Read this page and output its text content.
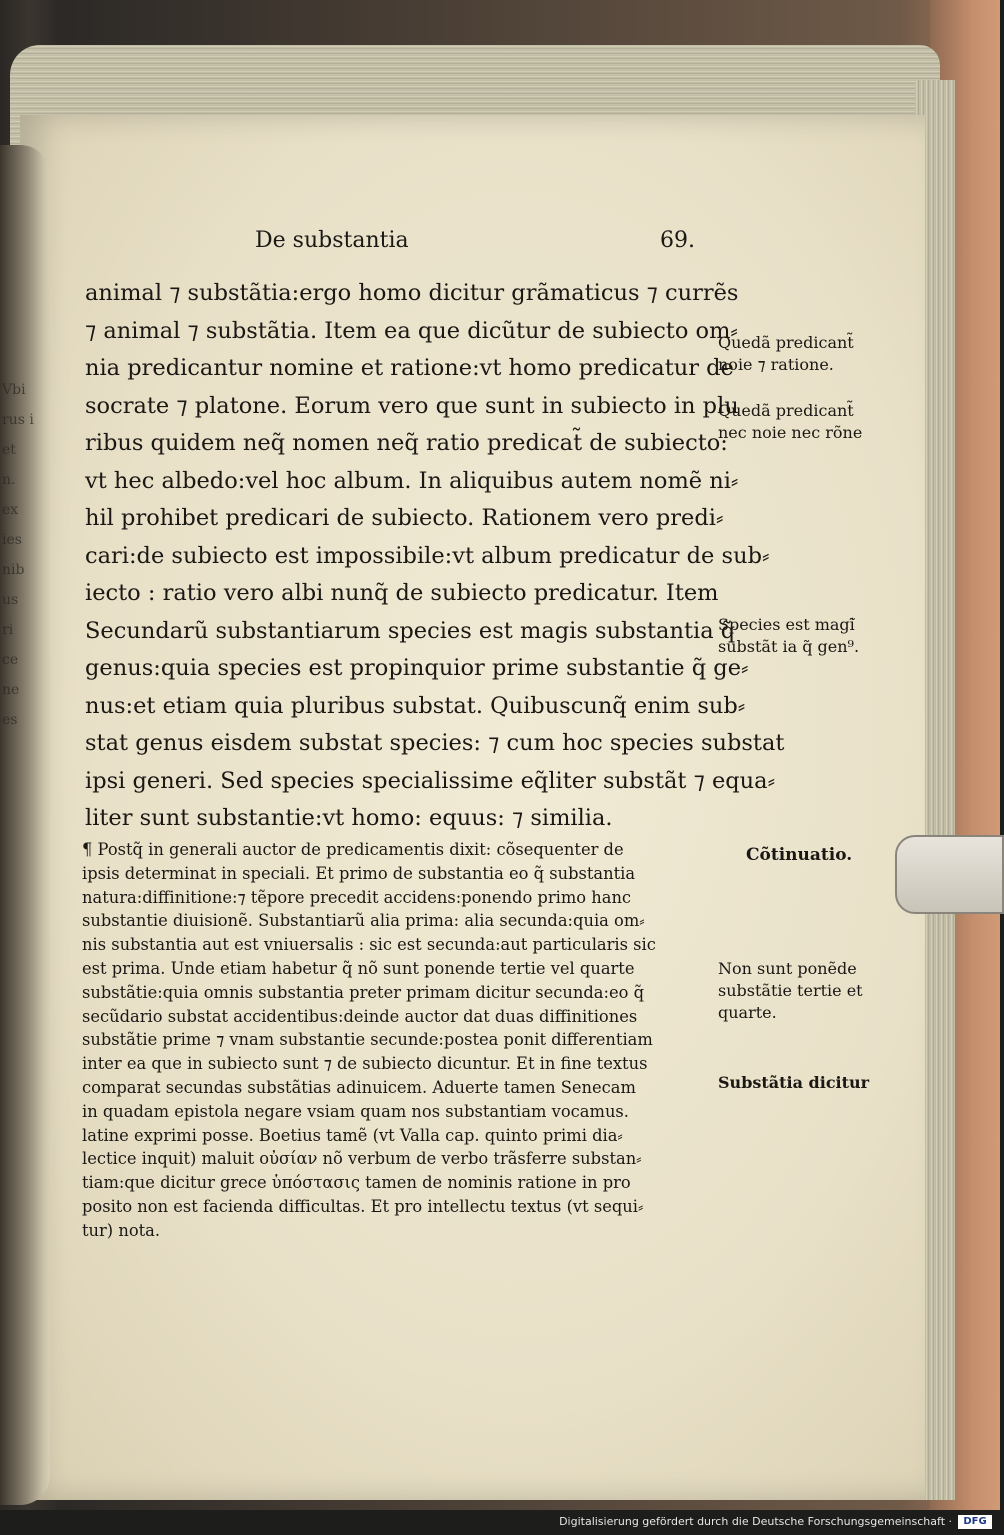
Vbi
rus i
et
n.
ex
ies
nib
us
ri
ce
ne
es
De substantia	69.
animal ⁊ substãtia:ergo homo dicitur grãmaticus ⁊ currẽs
⁊ animal ⁊ substãtia. Item ea que dicũtur de subiecto om⸗
nia predicantur nomine et ratione:vt homo predicatur de
socrate ⁊ platone. Eorum vero que sunt in subiecto in plu
ribus quidem neq̃ nomen neq̃ ratio predicat̃ de subiecto:
vt hec albedo:vel hoc album. In aliquibus autem nomẽ ni⸗
hil prohibet predicari de subiecto. Rationem vero predi⸗
cari:de subiecto est impossibile:vt album predicatur de sub⸗
iecto : ratio vero albi nunq̃ de subiecto predicatur. Item
Secundarũ substantiarum species est magis substantia q̃
genus:quia species est propinquior prime substantie q̃ ge⸗
nus:et etiam quia pluribus substat. Quibuscunq̃ enim sub⸗
stat genus eisdem substat species: ⁊ cum hoc species substat
ipsi generi. Sed species specialissime eq̃liter substãt ⁊ equa⸗
liter sunt substantie:vt homo: equus: ⁊ similia.
¶ Postq̃ in generali auctor de predicamentis dixit: cõsequenter de
ipsis determinat in speciali. Et primo de substantia eo q̃ substantia
natura:diffinitione:⁊ tẽpore precedit accidens:ponendo primo hanc
substantie diuisionẽ. Substantiarũ alia prima: alia secunda:quia om⸗
nis substantia aut est vniuersalis : sic est secunda:aut particularis sic
est prima. Unde etiam habetur q̃ nõ sunt ponende tertie vel quarte
substãtie:quia omnis substantia preter primam dicitur secunda:eo q̃
secũdario substat accidentibus:deinde auctor dat duas diffinitiones
substãtie prime ⁊ vnam substantie secunde:postea ponit differentiam
inter ea que in subiecto sunt ⁊ de subiecto dicuntur. Et in fine textus
comparat secundas substãtias adinuicem. Aduerte tamen Senecam
in quadam epistola negare vsiam quam nos substantiam vocamus.
latine exprimi posse. Boetius tamẽ (vt Valla cap. quinto primi dia⸗
lectice inquit) maluit οὐσίαν nõ verbum de verbo trãsferre substan⸗
tiam:que dicitur grece ὑπόστασις tamen de nominis ratione in pro
posito non est facienda difficultas. Et pro intellectu textus (vt sequi⸗
tur) nota.
Quedã predicant̃
noie ⁊ ratione.
Quedã predicant̃
nec noie nec rõne
Species est magi̇̃
substãt ia q̃ gen⁹.
Cõtinuatio.
Non sunt ponẽde
substãtie tertie et
quarte.
Substãtia dicitur
Digitalisierung gefördert durch die Deutsche Forschungsgemeinschaft ·	DFG
